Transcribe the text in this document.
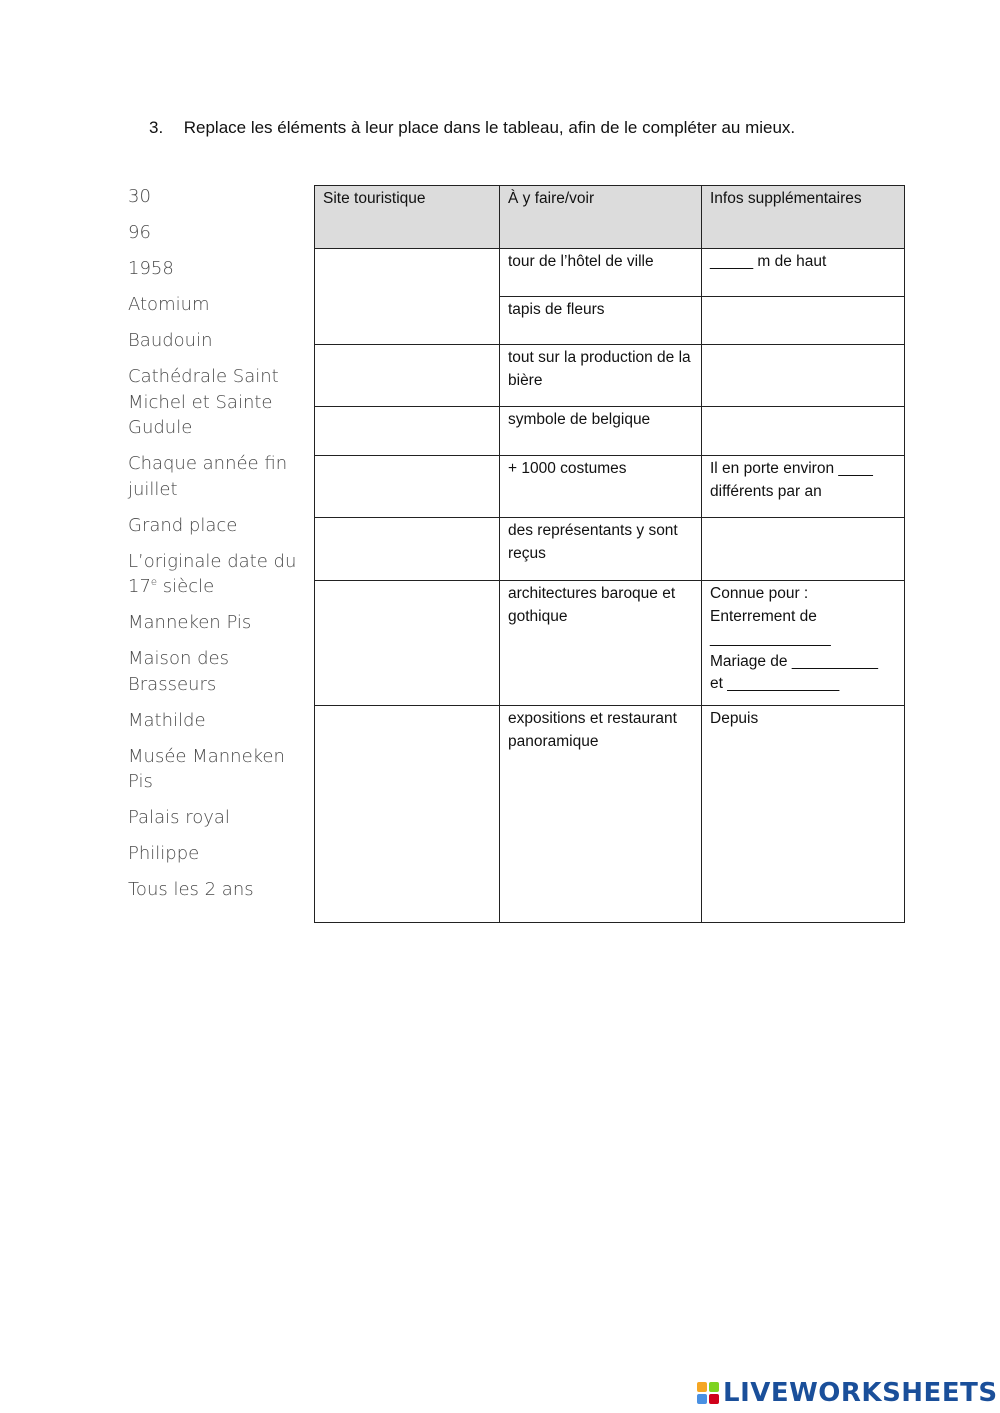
3. Replace les éléments à leur place dans le tableau, afin de le compléter au mieux.
30
96
1958
Atomium
Baudouin
Cathédrale Saint Michel et Sainte Gudule
Chaque année fin juillet
Grand place
L’originale date du 17e siècle
Manneken Pis
Maison des Brasseurs
Mathilde
Musée Manneken Pis
Palais royal
Philippe
Tous les 2 ans
Site touristique	À y faire/voir	Infos supplémentaires
	tour de l’hôtel de ville	_____ m de haut
	tapis de fleurs	
	tout sur la production de la bière	
	symbole de belgique	
	+ 1000 costumes	Il en porte environ ____ différents par an
	des représentants y sont reçus	
	architectures baroque et gothique	Connue pour :
Enterrement de
______________
Mariage de __________
et _____________

	expositions et restaurant panoramique	Depuis
LIVEWORKSHEETS
